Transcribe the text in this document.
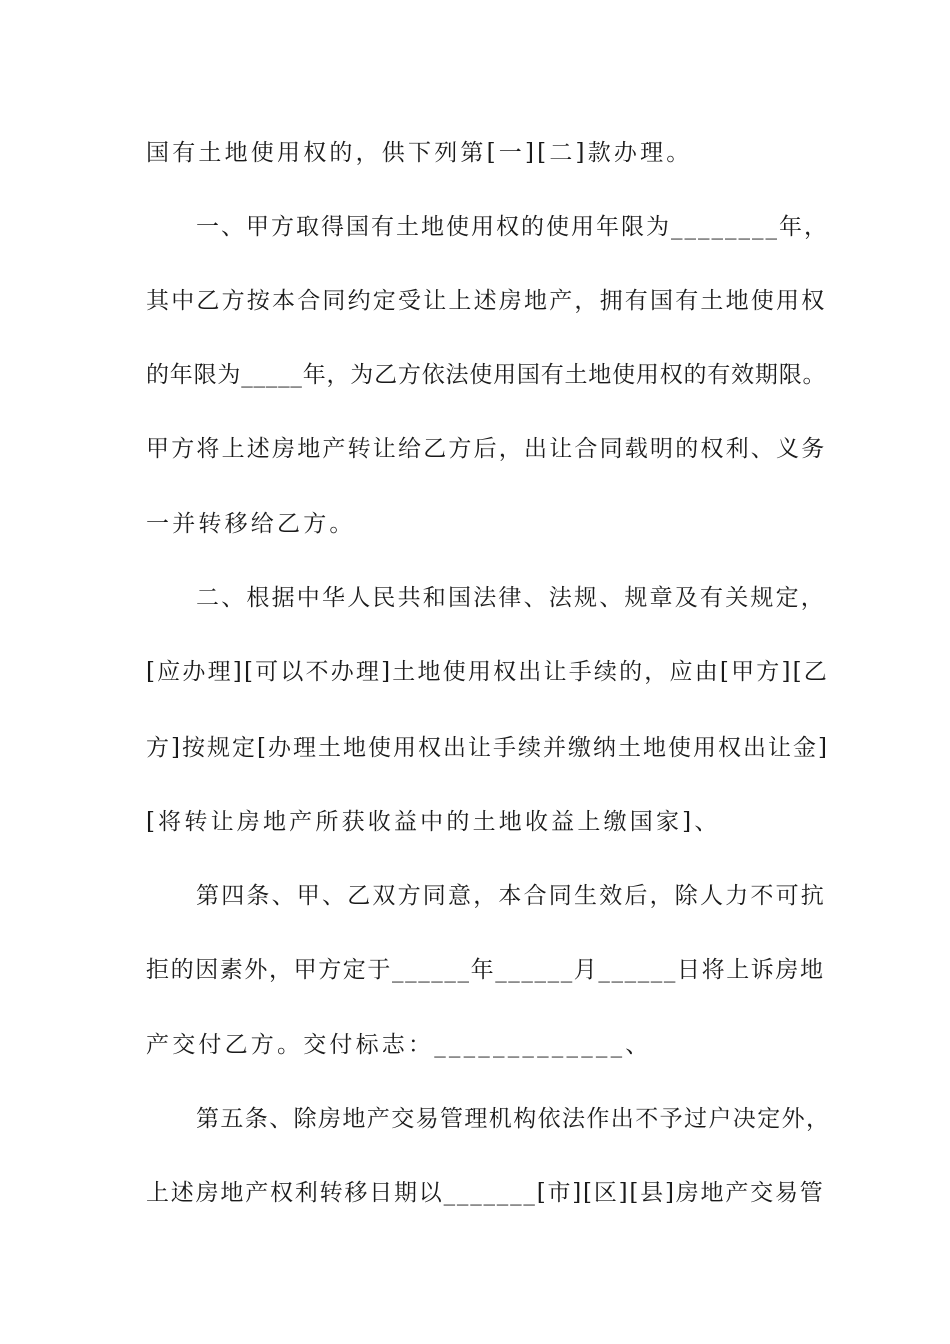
国有土地使用权的，供下列第[一][二]款办理。
一、甲方取得国有土地使用权的使用年限为________年，
其中乙方按本合同约定受让上述房地产，拥有国有土地使用权
的年限为_____年，为乙方依法使用国有土地使用权的有效期限。
甲方将上述房地产转让给乙方后，出让合同载明的权利、义务
一并转移给乙方。
二、根据中华人民共和国法律、法规、规章及有关规定，
[应办理][可以不办理]土地使用权出让手续的，应由[甲方][乙
方]按规定[办理土地使用权出让手续并缴纳土地使用权出让金]
[将转让房地产所获收益中的土地收益上缴国家]、
第四条、甲、乙双方同意，本合同生效后，除人力不可抗
拒的因素外，甲方定于______年______月______日将上诉房地
产交付乙方。交付标志：_____________、
第五条、除房地产交易管理机构依法作出不予过户决定外，
上述房地产权利转移日期以_______[市][区][县]房地产交易管
